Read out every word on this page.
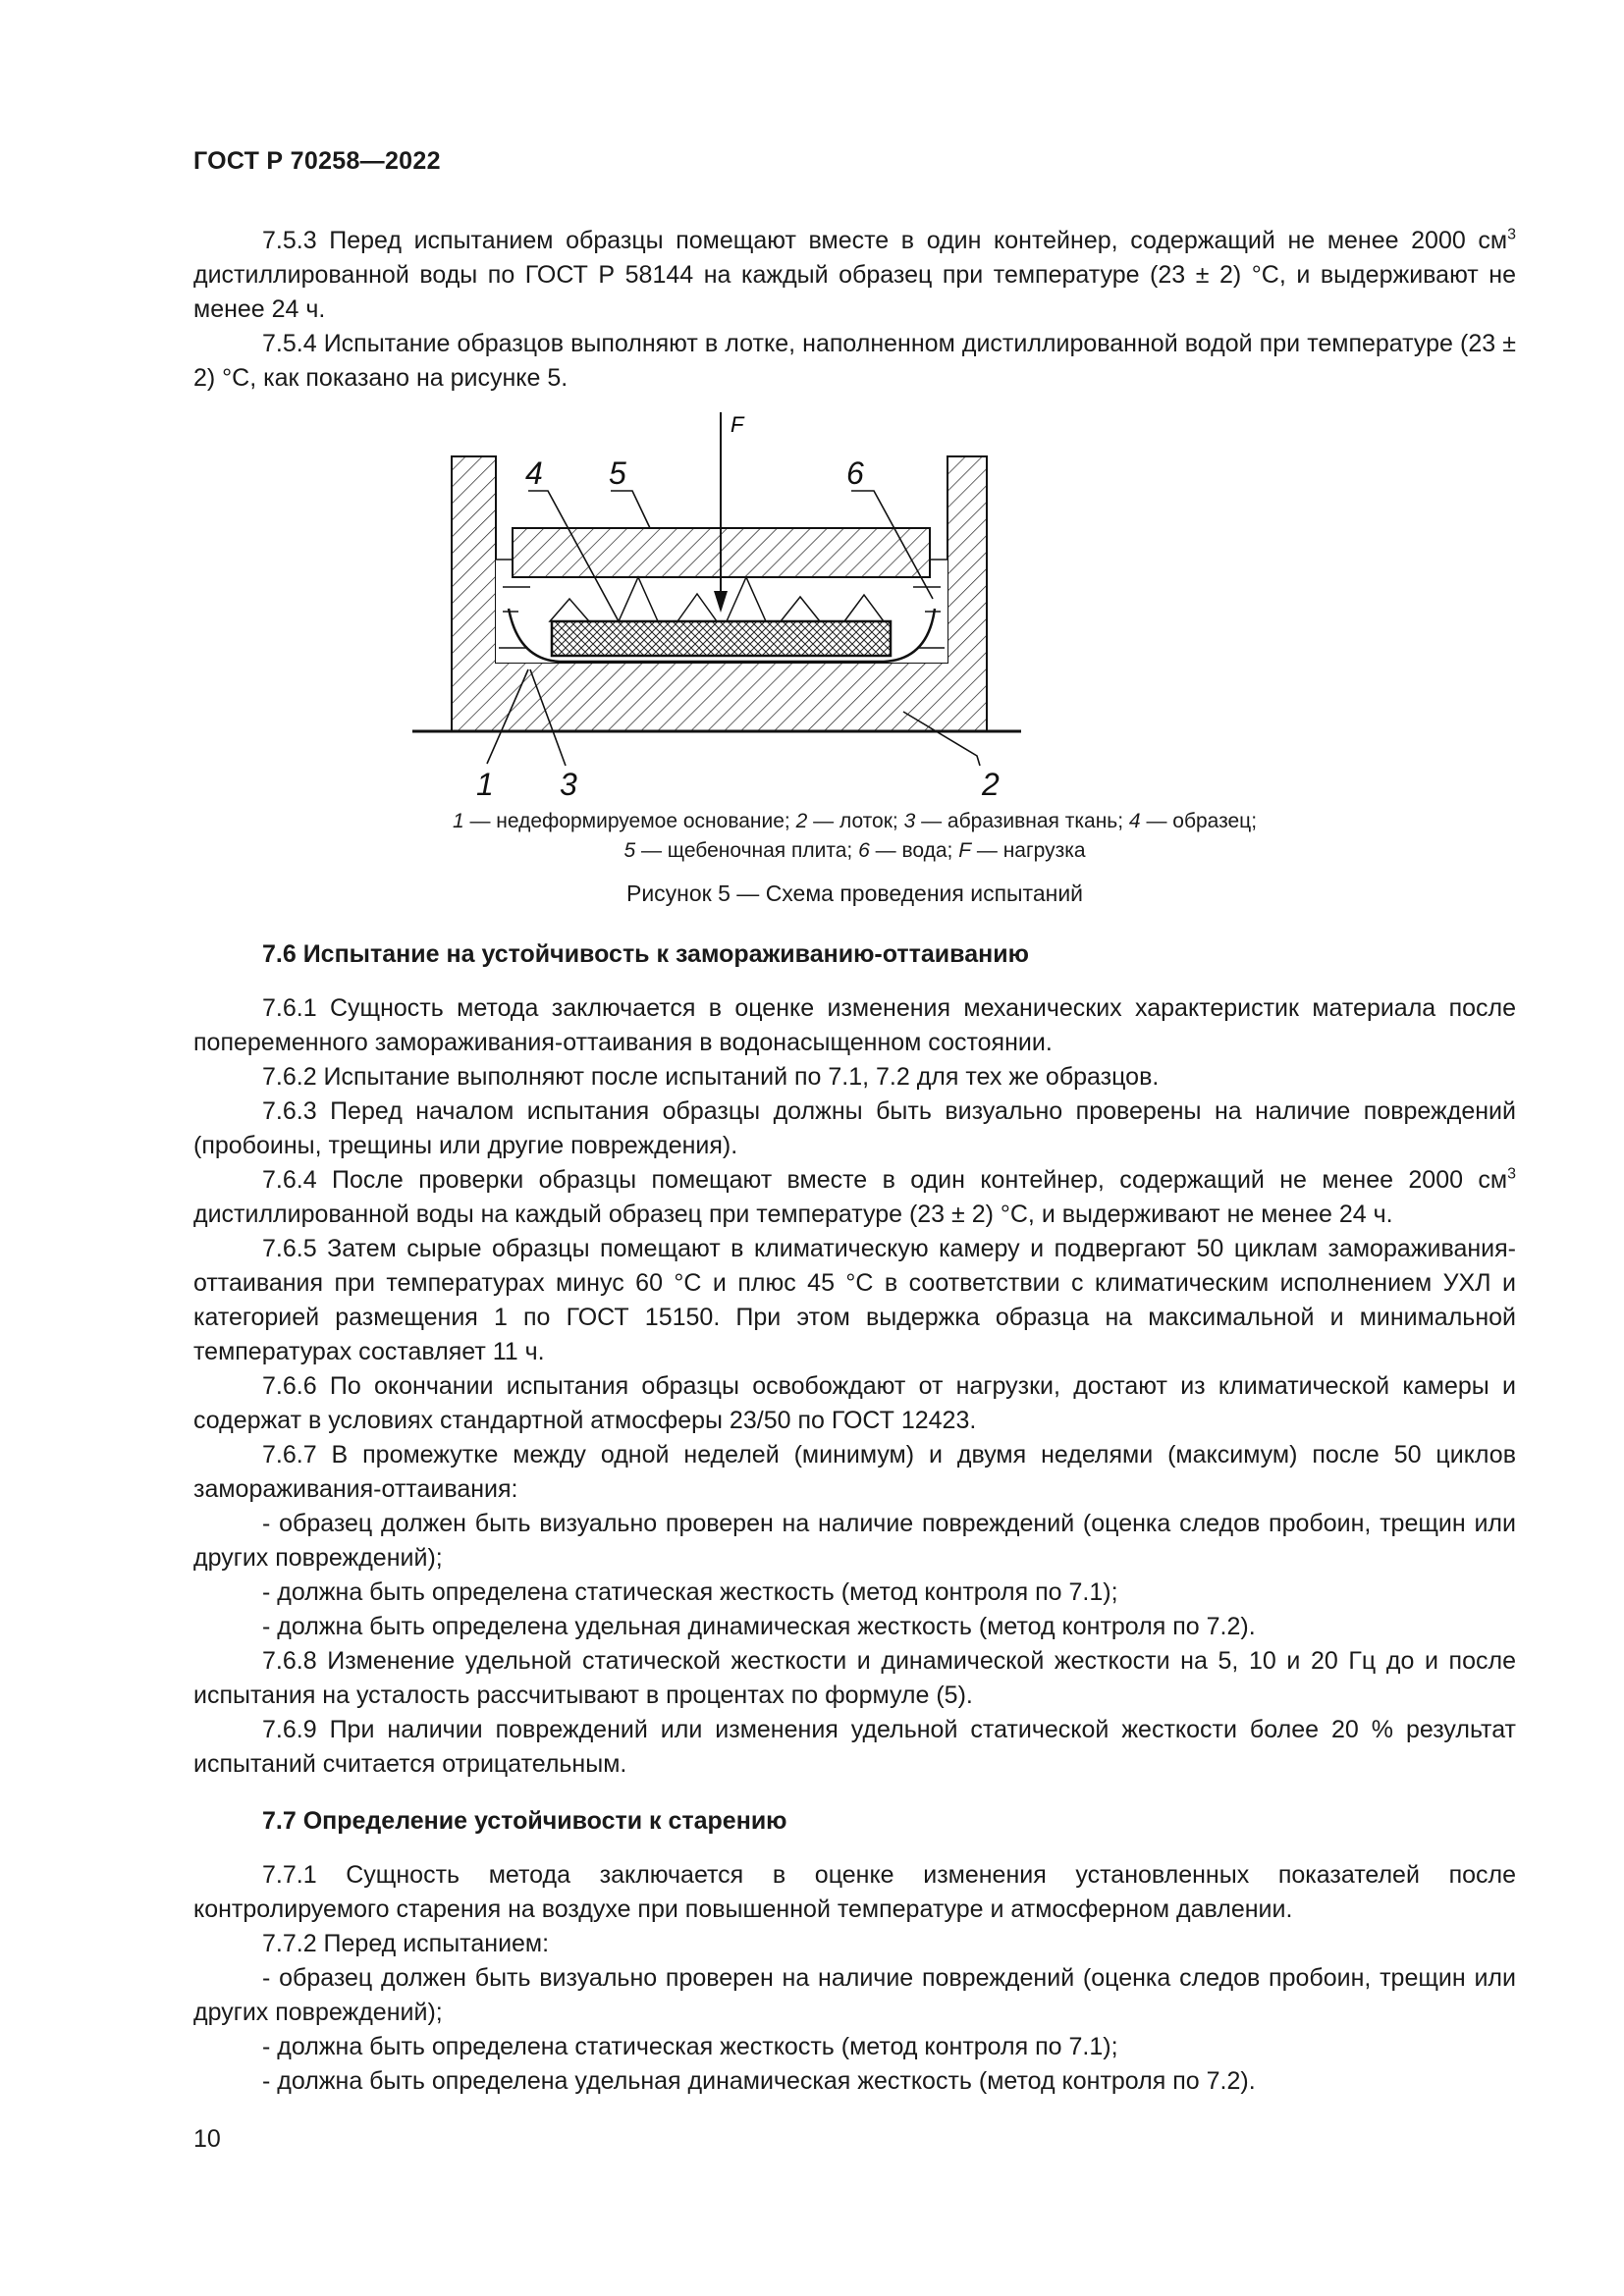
ГОСТ Р 70258—2022

7.5.3 Перед испытанием образцы помещают вместе в один контейнер, содержащий не менее 2000 $см^3$ дистиллированной воды по ГОСТ Р 58144 на каждый образец при температуре (23 ± 2) °С, и выдерживают не менее 24 ч.

7.5.4 Испытание образцов выполняют в лотке, наполненном дистиллированной водой при температуре (23 ± 2) °С, как показано на рисунке 5.

F
4 5	6
1 3	2
1 — недеформируемое основание; 2 — лоток; 3 — абразивная ткань; 4 — образец;
5 — щебеночная плита; 6 — вода; F — нагрузка
Рисунок 5 — Схема проведения испытаний

7.6 Испытание на устойчивость к замораживанию-оттаиванию

7.6.1 Сущность метода заключается в оценке изменения механических характеристик материала после попеременного замораживания-оттаивания в водонасыщенном состоянии.

7.6.2 Испытание выполняют после испытаний по 7.1, 7.2 для тех же образцов.

7.6.3 Перед началом испытания образцы должны быть визуально проверены на наличие повреждений (пробоины, трещины или другие повреждения).

7.6.4 После проверки образцы помещают вместе в один контейнер, содержащий не менее 2000 $см^3$ дистиллированной воды на каждый образец при температуре (23 ± 2) °С, и выдерживают не менее 24 ч.

7.6.5 Затем сырые образцы помещают в климатическую камеру и подвергают 50 циклам замораживания-оттаивания при температурах минус 60 °С и плюс 45 °С в соответствии с климатическим исполнением УХЛ и категорией размещения 1 по ГОСТ 15150. При этом выдержка образца на максимальной и минимальной температурах составляет 11 ч.

7.6.6 По окончании испытания образцы освобождают от нагрузки, достают из климатической камеры и содержат в условиях стандартной атмосферы 23/50 по ГОСТ 12423.

7.6.7 В промежутке между одной неделей (минимум) и двумя неделями (максимум) после 50 циклов замораживания-оттаивания:

- образец должен быть визуально проверен на наличие повреждений (оценка следов пробоин, трещин или других повреждений);

- должна быть определена статическая жесткость (метод контроля по 7.1);

- должна быть определена удельная динамическая жесткость (метод контроля по 7.2).

7.6.8 Изменение удельной статической жесткости и динамической жесткости на 5, 10 и 20 Гц до и после испытания на усталость рассчитывают в процентах по формуле (5).

7.6.9 При наличии повреждений или изменения удельной статической жесткости более 20 % результат испытаний считается отрицательным.

7.7 Определение устойчивости к старению

7.7.1 Сущность метода заключается в оценке изменения установленных показателей после контролируемого старения на воздухе при повышенной температуре и атмосферном давлении.

7.7.2 Перед испытанием:

- образец должен быть визуально проверен на наличие повреждений (оценка следов пробоин, трещин или других повреждений);

- должна быть определена статическая жесткость (метод контроля по 7.1);

- должна быть определена удельная динамическая жесткость (метод контроля по 7.2).

10
